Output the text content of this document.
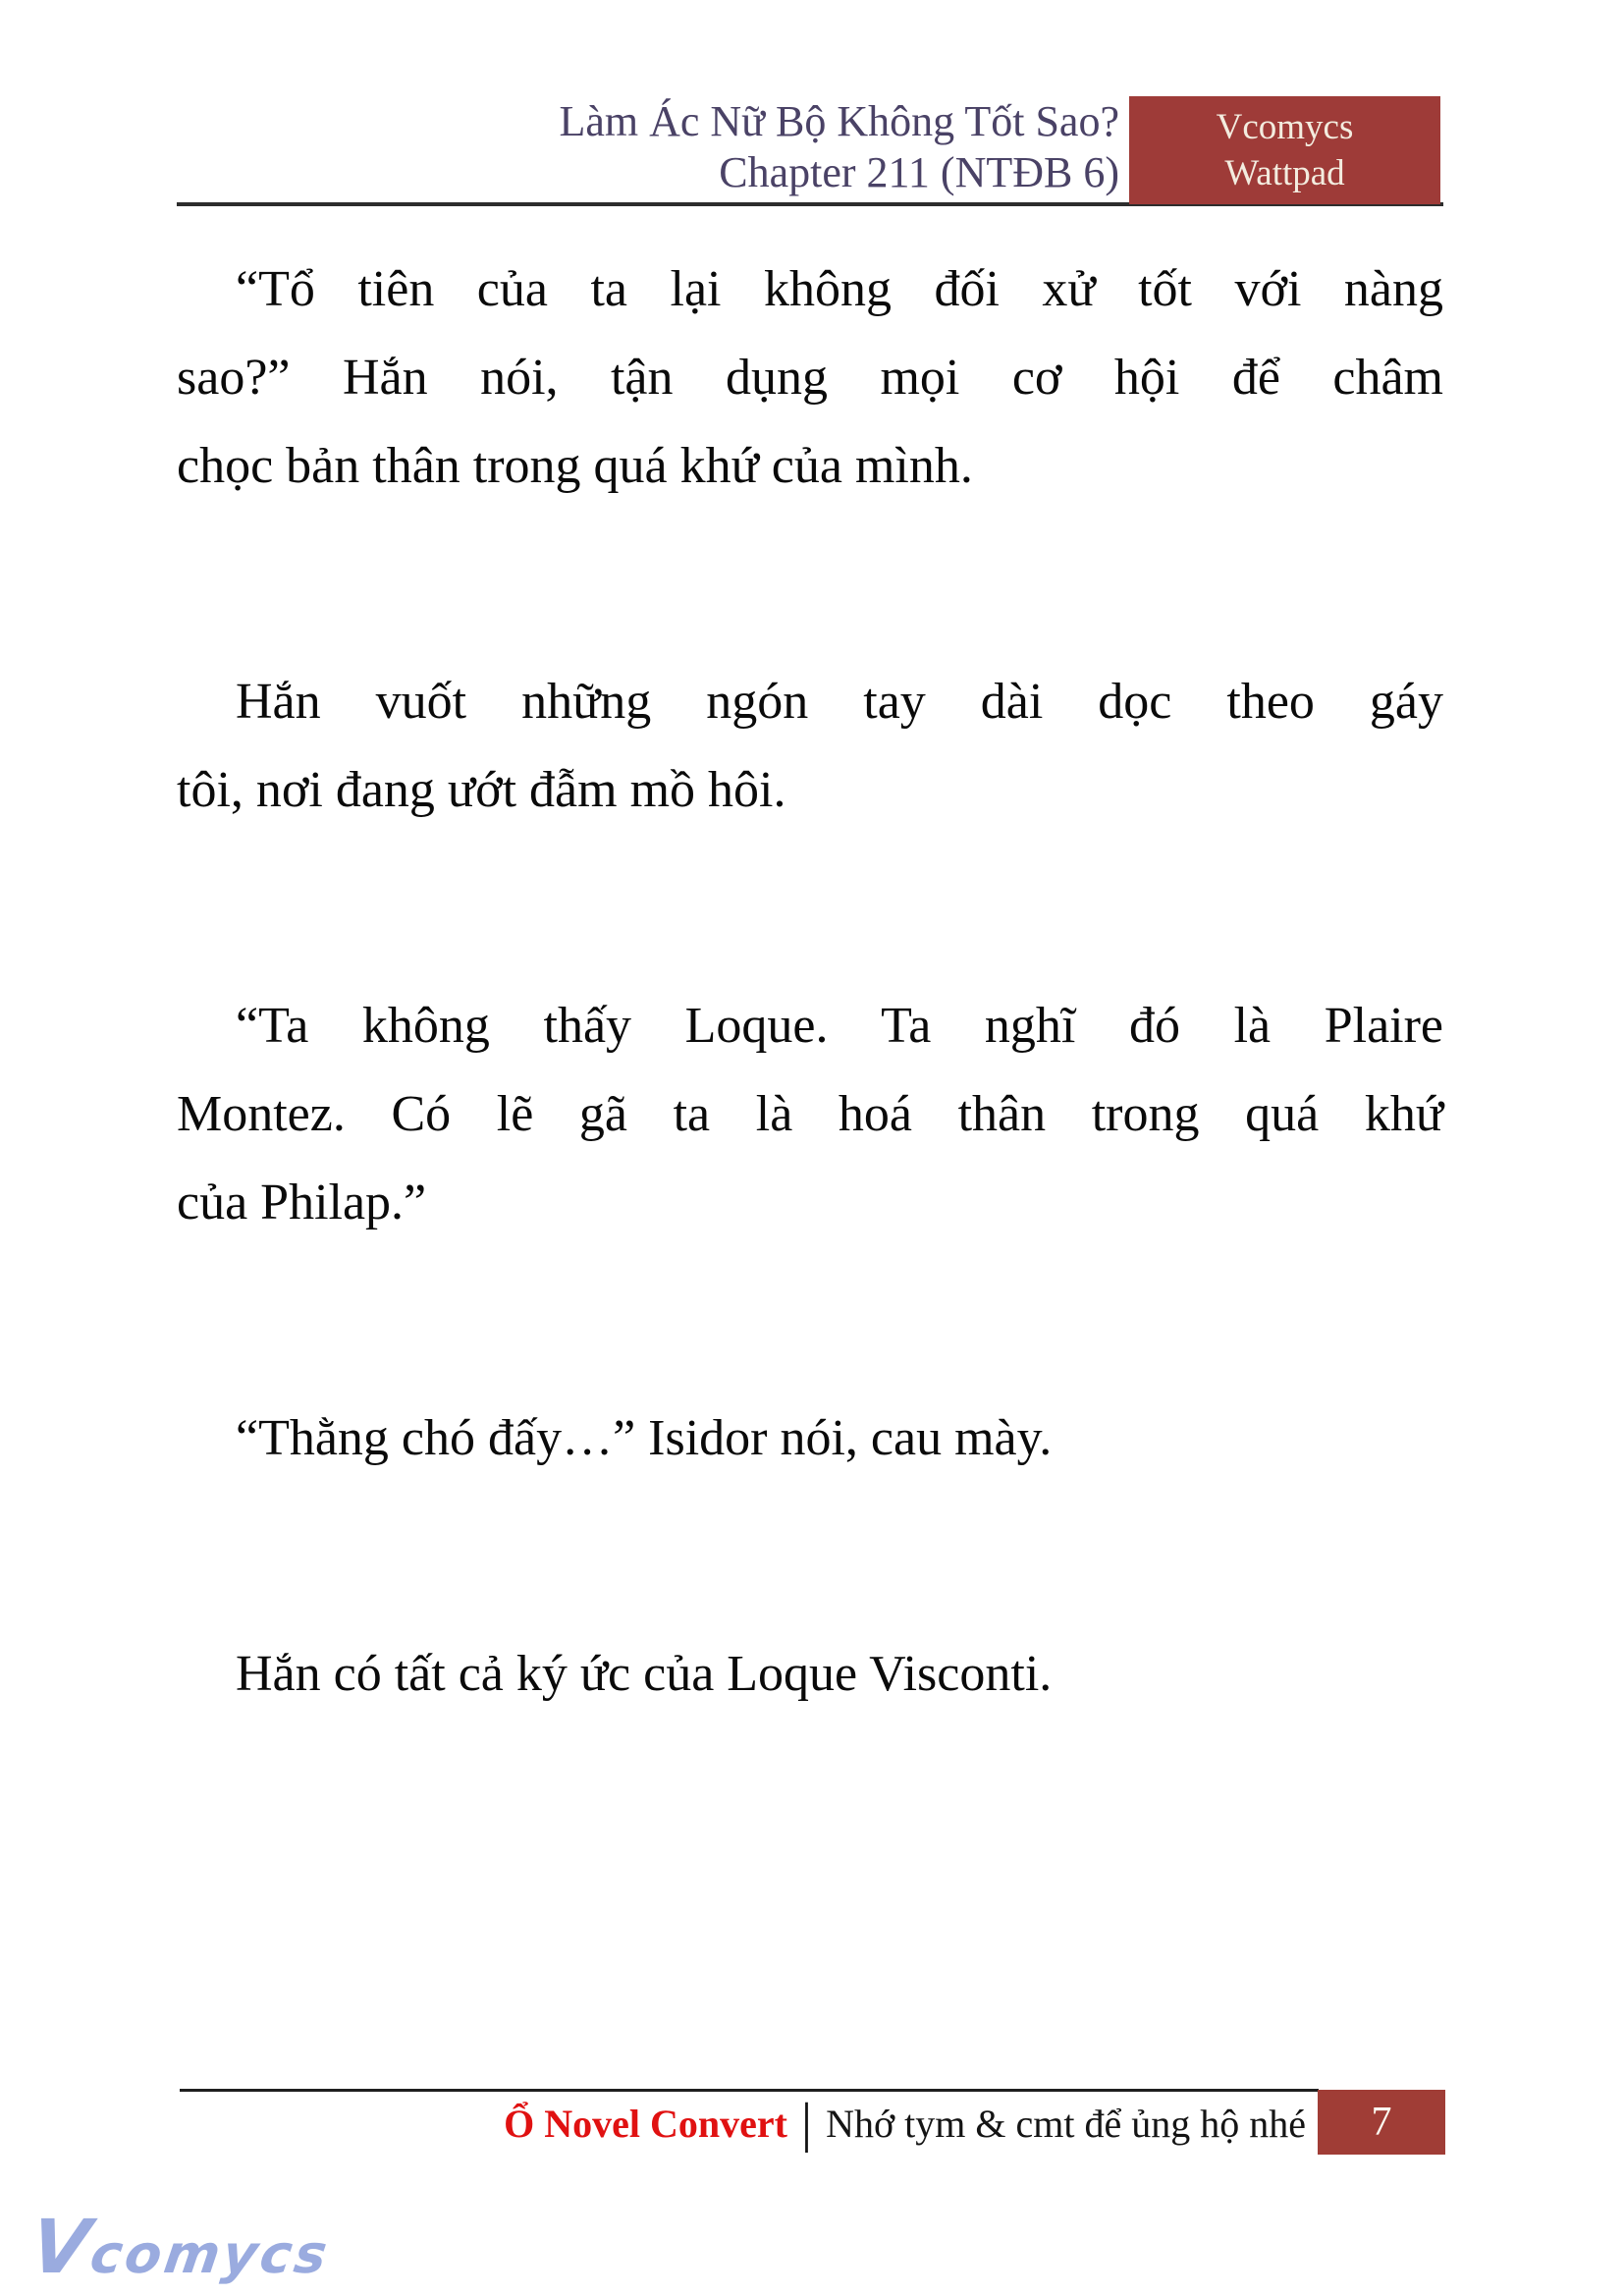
Làm Ác Nữ Bộ Không Tốt Sao?
Chapter 211 (NTĐB 6)
Vcomycs
Wattpad
“Tổ tiên của ta lại không đối xử tốt với nàng
sao?” Hắn nói, tận dụng mọi cơ hội để châm
chọc bản thân trong quá khứ của mình.
Hắn vuốt những ngón tay dài dọc theo gáy
tôi, nơi đang ướt đẫm mồ hôi.
“Ta không thấy Loque. Ta nghĩ đó là Plaire
Montez. Có lẽ gã ta là hoá thân trong quá khứ
của Philap.”
“Thằng chó đấy…” Isidor nói, cau mày.
Hắn có tất cả ký ức của Loque Visconti.
Ổ Novel Convert | Nhớ tym & cmt để ủng hộ nhé 7
Vcomycs
